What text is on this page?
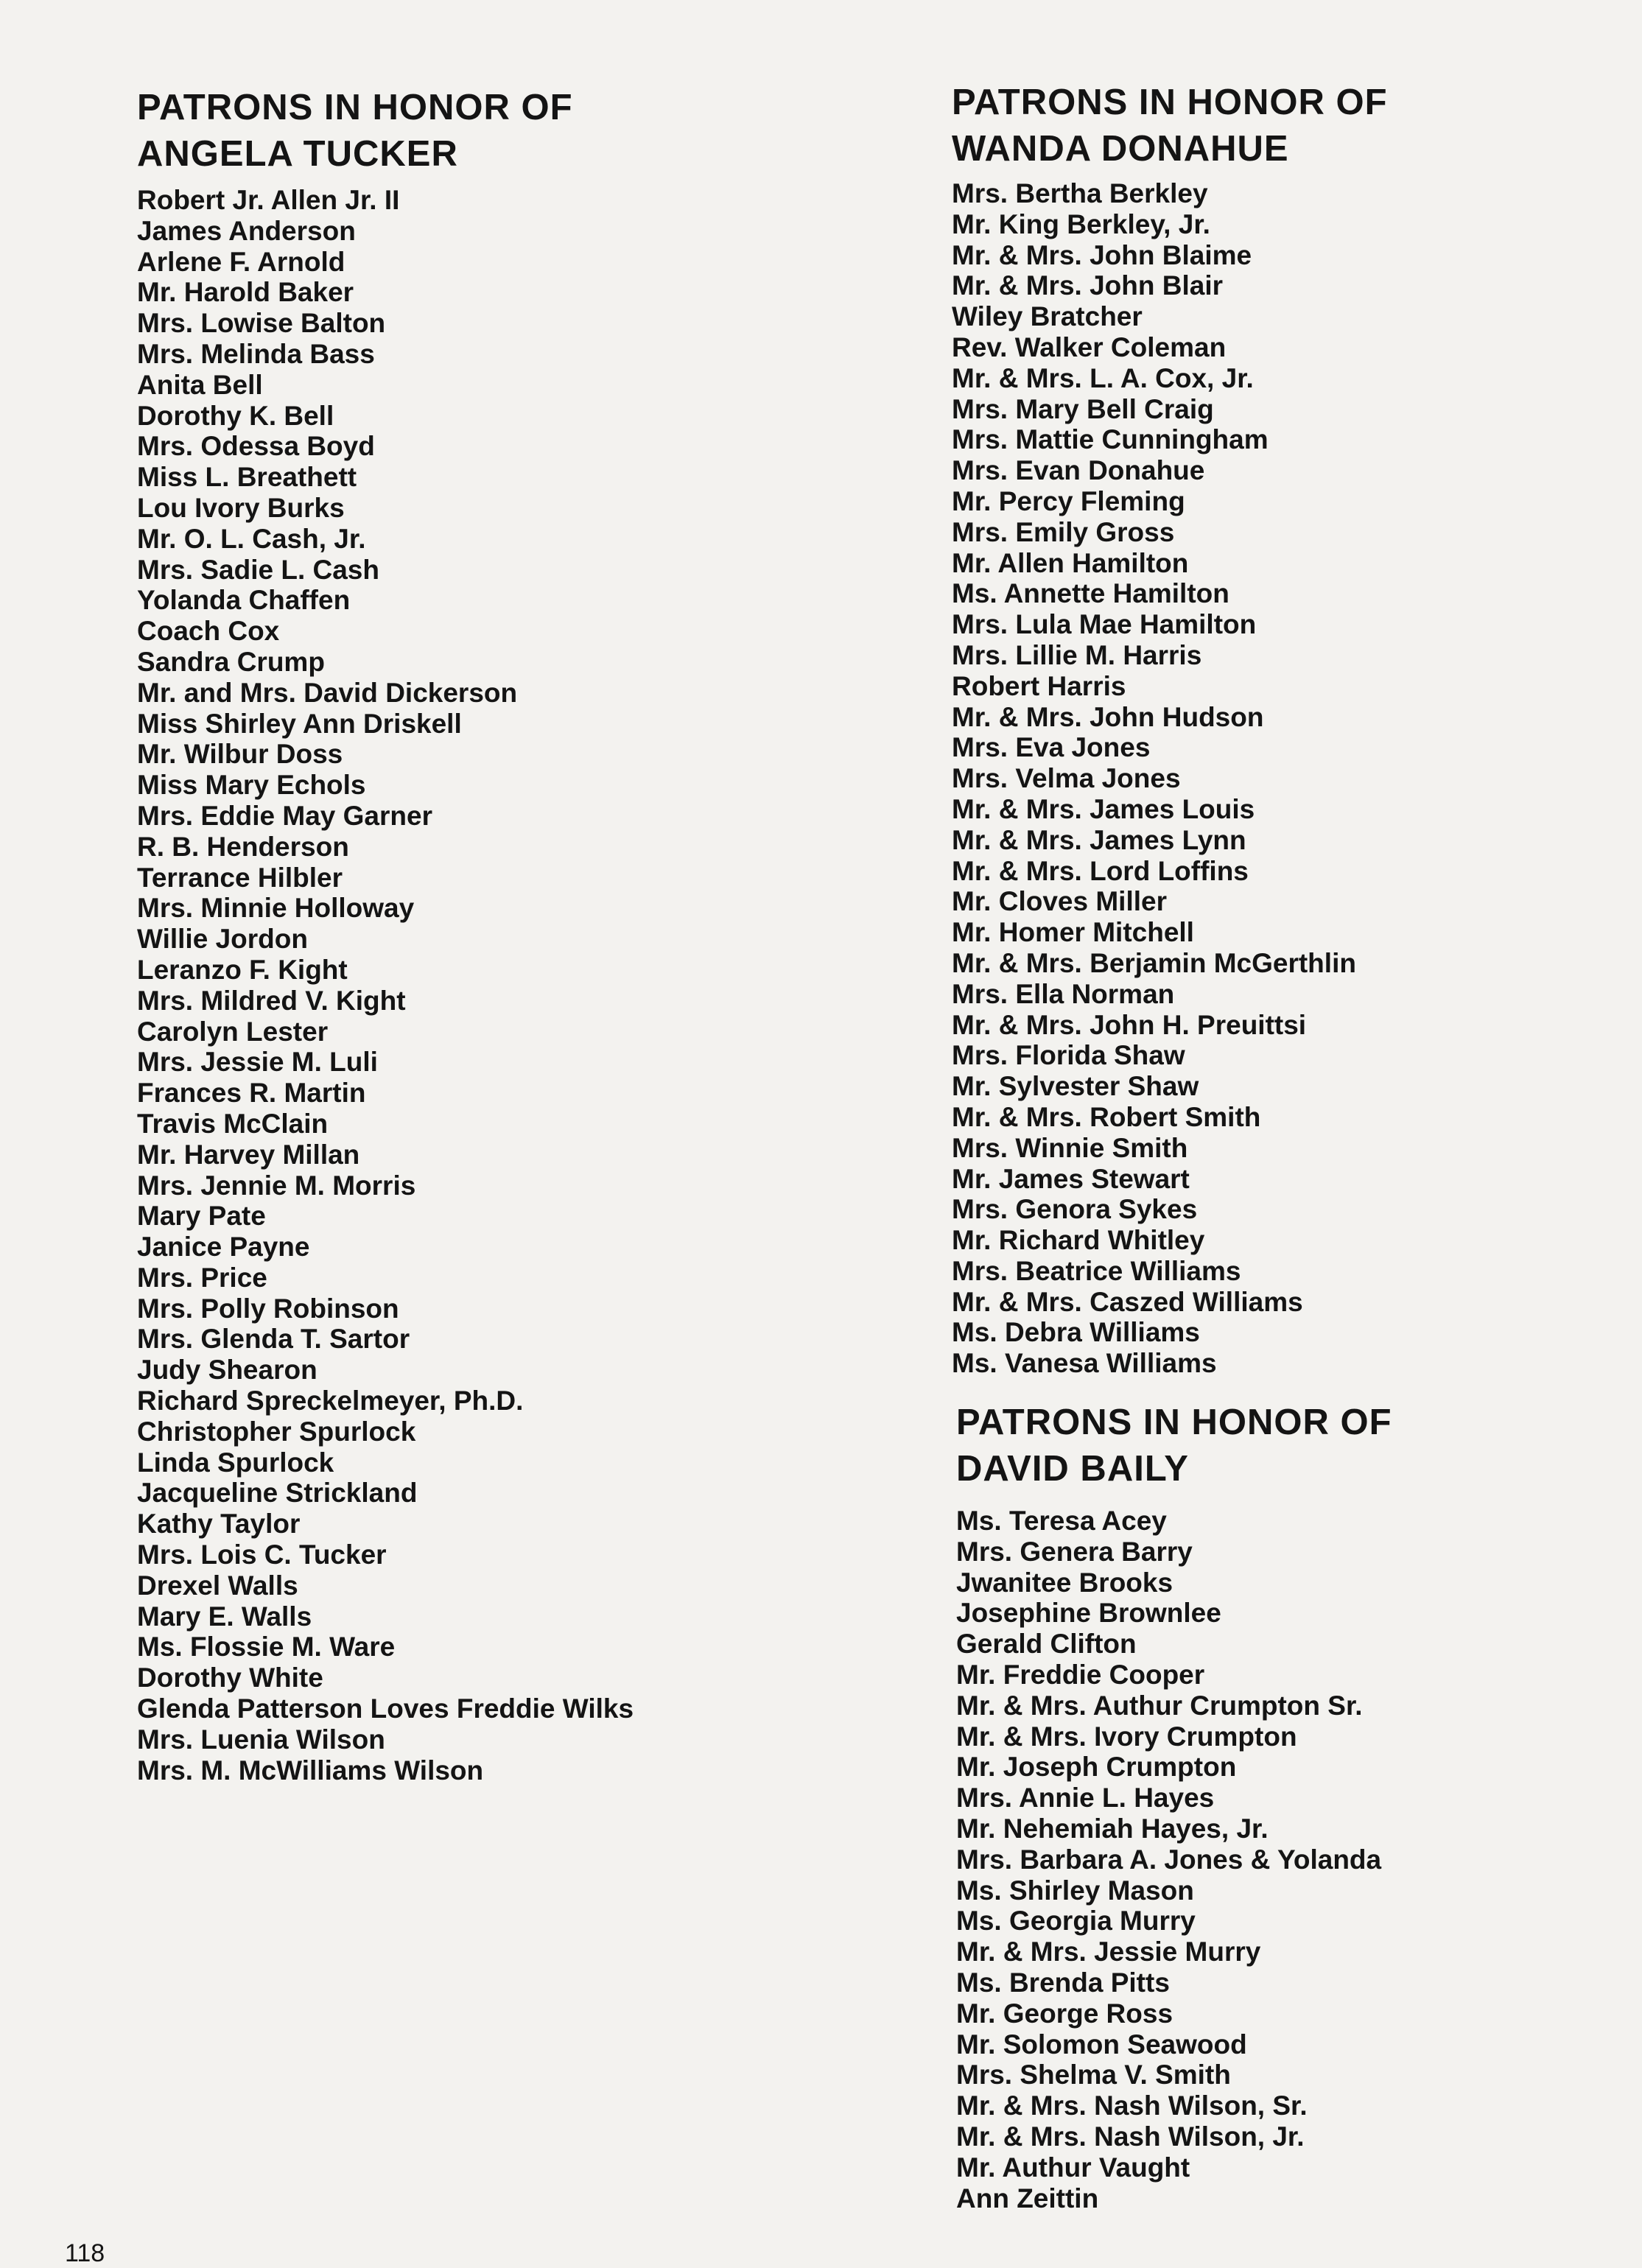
PATRONS IN HONOR OF
ANGELA TUCKER
Robert Jr. Allen Jr. II
James Anderson
Arlene F. Arnold
Mr. Harold Baker
Mrs. Lowise Balton
Mrs. Melinda Bass
Anita Bell
Dorothy K. Bell
Mrs. Odessa Boyd
Miss L. Breathett
Lou Ivory Burks
Mr. O. L. Cash, Jr.
Mrs. Sadie L. Cash
Yolanda Chaffen
Coach Cox
Sandra Crump
Mr. and Mrs. David Dickerson
Miss Shirley Ann Driskell
Mr. Wilbur Doss
Miss Mary Echols
Mrs. Eddie May Garner
R. B. Henderson
Terrance Hilbler
Mrs. Minnie Holloway
Willie Jordon
Leranzo F. Kight
Mrs. Mildred V. Kight
Carolyn Lester
Mrs. Jessie M. Luli
Frances R. Martin
Travis McClain
Mr. Harvey Millan
Mrs. Jennie M. Morris
Mary Pate
Janice Payne
Mrs. Price
Mrs. Polly Robinson
Mrs. Glenda T. Sartor
Judy Shearon
Richard Spreckelmeyer, Ph.D.
Christopher Spurlock
Linda Spurlock
Jacqueline Strickland
Kathy Taylor
Mrs. Lois C. Tucker
Drexel Walls
Mary E. Walls
Ms. Flossie M. Ware
Dorothy White
Glenda Patterson Loves Freddie Wilks
Mrs. Luenia Wilson
Mrs. M. McWilliams Wilson
PATRONS IN HONOR OF
WANDA DONAHUE
Mrs. Bertha Berkley
Mr. King Berkley, Jr.
Mr. & Mrs. John Blaime
Mr. & Mrs. John Blair
Wiley Bratcher
Rev. Walker Coleman
Mr. & Mrs. L. A. Cox, Jr.
Mrs. Mary Bell Craig
Mrs. Mattie Cunningham
Mrs. Evan Donahue
Mr. Percy Fleming
Mrs. Emily Gross
Mr. Allen Hamilton
Ms. Annette Hamilton
Mrs. Lula Mae Hamilton
Mrs. Lillie M. Harris
Robert Harris
Mr. & Mrs. John Hudson
Mrs. Eva Jones
Mrs. Velma Jones
Mr. & Mrs. James Louis
Mr. & Mrs. James Lynn
Mr. & Mrs. Lord Loffins
Mr. Cloves Miller
Mr. Homer Mitchell
Mr. & Mrs. Berjamin McGerthlin
Mrs. Ella Norman
Mr. & Mrs. John H. Preuittsi
Mrs. Florida Shaw
Mr. Sylvester Shaw
Mr. & Mrs. Robert Smith
Mrs. Winnie Smith
Mr. James Stewart
Mrs. Genora Sykes
Mr. Richard Whitley
Mrs. Beatrice Williams
Mr. & Mrs. Caszed Williams
Ms. Debra Williams
Ms. Vanesa Williams
PATRONS IN HONOR OF
DAVID BAILY
Ms. Teresa Acey
Mrs. Genera Barry
Jwanitee Brooks
Josephine Brownlee
Gerald Clifton
Mr. Freddie Cooper
Mr. & Mrs. Authur Crumpton Sr.
Mr. & Mrs. Ivory Crumpton
Mr. Joseph Crumpton
Mrs. Annie L. Hayes
Mr. Nehemiah Hayes, Jr.
Mrs. Barbara A. Jones & Yolanda
Ms. Shirley Mason
Ms. Georgia Murry
Mr. & Mrs. Jessie Murry
Ms. Brenda Pitts
Mr. George Ross
Mr. Solomon Seawood
Mrs. Shelma V. Smith
Mr. & Mrs. Nash Wilson, Sr.
Mr. & Mrs. Nash Wilson, Jr.
Mr. Authur Vaught
Ann Zeittin
118
